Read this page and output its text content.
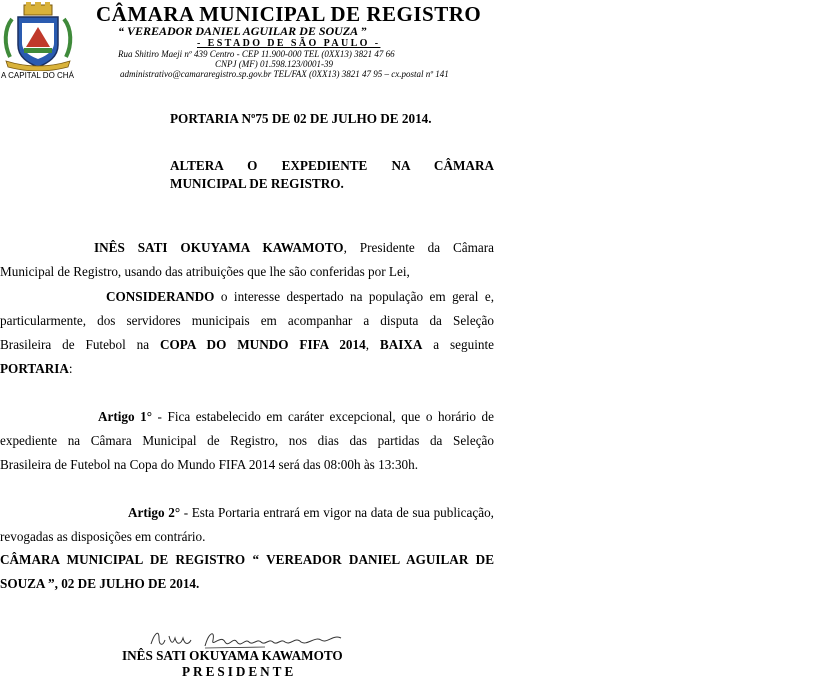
A CAPITAL DO CHÁ
CÂMARA MUNICIPAL DE REGISTRO
“ VEREADOR DANIEL AGUILAR DE SOUZA ”
- ESTADO DE SÃO PAULO -
Rua Shitiro Maeji nº 439 Centro - CEP 11.900-000 TEL (0XX13) 3821 47 66
CNPJ (MF) 01.598.123/0001-39
administrativo@camararegistro.sp.gov.br TEL/FAX (0XX13) 3821 47 95 – cx.postal nº 141
PORTARIA Nº75 DE 02 DE JULHO DE 2014.
ALTERA O EXPEDIENTE NA CÂMARA
MUNICIPAL DE REGISTRO.
INÊS SATI OKUYAMA KAWAMOTO, Presidente da Câmara
Municipal de Registro, usando das atribuições que lhe são conferidas por Lei,
CONSIDERANDO o interesse despertado na população em geral e,
particularmente, dos servidores municipais em acompanhar a disputa da Seleção
Brasileira de Futebol na COPA DO MUNDO FIFA 2014, BAIXA a seguinte
PORTARIA:
Artigo 1° - Fica estabelecido em caráter excepcional, que o horário de
expediente na Câmara Municipal de Registro, nos dias das partidas da Seleção
Brasileira de Futebol na Copa do Mundo FIFA 2014 será das 08:00h às 13:30h.
Artigo 2° - Esta Portaria entrará em vigor na data de sua publicação,
revogadas as disposições em contrário.
CÂMARA MUNICIPAL DE REGISTRO “ VEREADOR DANIEL AGUILAR DE
SOUZA ”, 02 DE JULHO DE 2014.
INÊS SATI OKUYAMA KAWAMOTO
PRESIDENTE
